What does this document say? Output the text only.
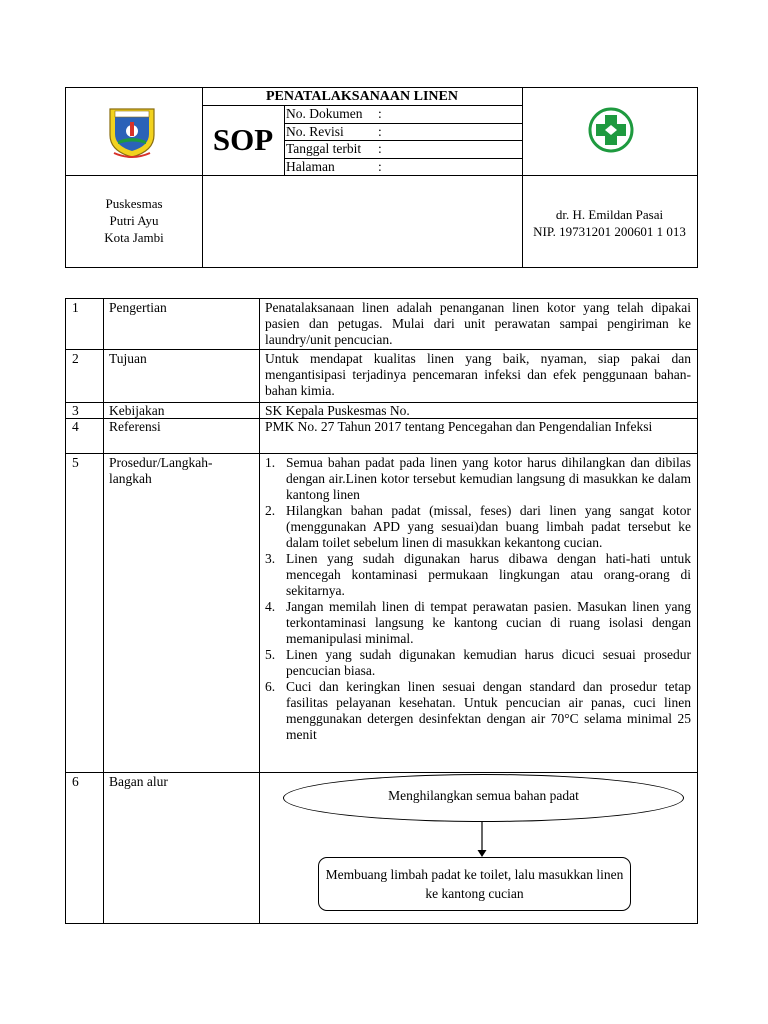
PENATALAKSANAAN LINEN
SOP
No. Dokumen :
No. Revisi	:
Tanggal terbit :
Halaman	:
Puskesmas
Putri Ayu
Kota Jambi
dr. H. Emildan Pasai
NIP. 19731201 200601 1 013
1	Pengertian	Penatalaksanaan linen adalah penanganan linen kotor yang telah dipakai pasien dan petugas. Mulai dari unit perawatan sampai pengiriman ke laundry/unit pencucian.
2	Tujuan	Untuk mendapat kualitas linen yang baik, nyaman, siap pakai dan mengantisipasi terjadinya pencemaran infeksi dan efek penggunaan bahan-bahan kimia.
3	Kebijakan	SK Kepala Puskesmas No.
4	Referensi	PMK No. 27 Tahun 2017 tentang Pencegahan dan Pengendalian Infeksi
5	Prosedur/Langkah-langkah
1. Semua bahan padat pada linen yang kotor harus dihilangkan dan dibilas dengan air.Linen kotor tersebut kemudian langsung di masukkan ke dalam kantong linen
2. Hilangkan bahan padat (missal, feses) dari linen yang sangat kotor (menggunakan APD yang sesuai)dan buang limbah padat tersebut ke dalam toilet sebelum linen di masukkan kekantong cucian.
3. Linen yang sudah digunakan harus dibawa dengan hati-hati untuk mencegah kontaminasi permukaan lingkungan atau orang-orang di sekitarnya.
4. Jangan memilah linen di tempat perawatan pasien. Masukan linen yang terkontaminasi langsung ke kantong cucian di ruang isolasi dengan memanipulasi minimal.
5. Linen yang sudah digunakan kemudian harus dicuci sesuai prosedur pencucian biasa.
6. Cuci dan keringkan linen sesuai dengan standard dan prosedur tetap fasilitas pelayanan kesehatan. Untuk pencucian air panas, cuci linen menggunakan detergen desinfektan dengan air 70°C selama minimal 25 menit
6	Bagan alur
Menghilangkan semua bahan padat
Membuang limbah padat ke toilet, lalu masukkan linen ke kantong cucian
